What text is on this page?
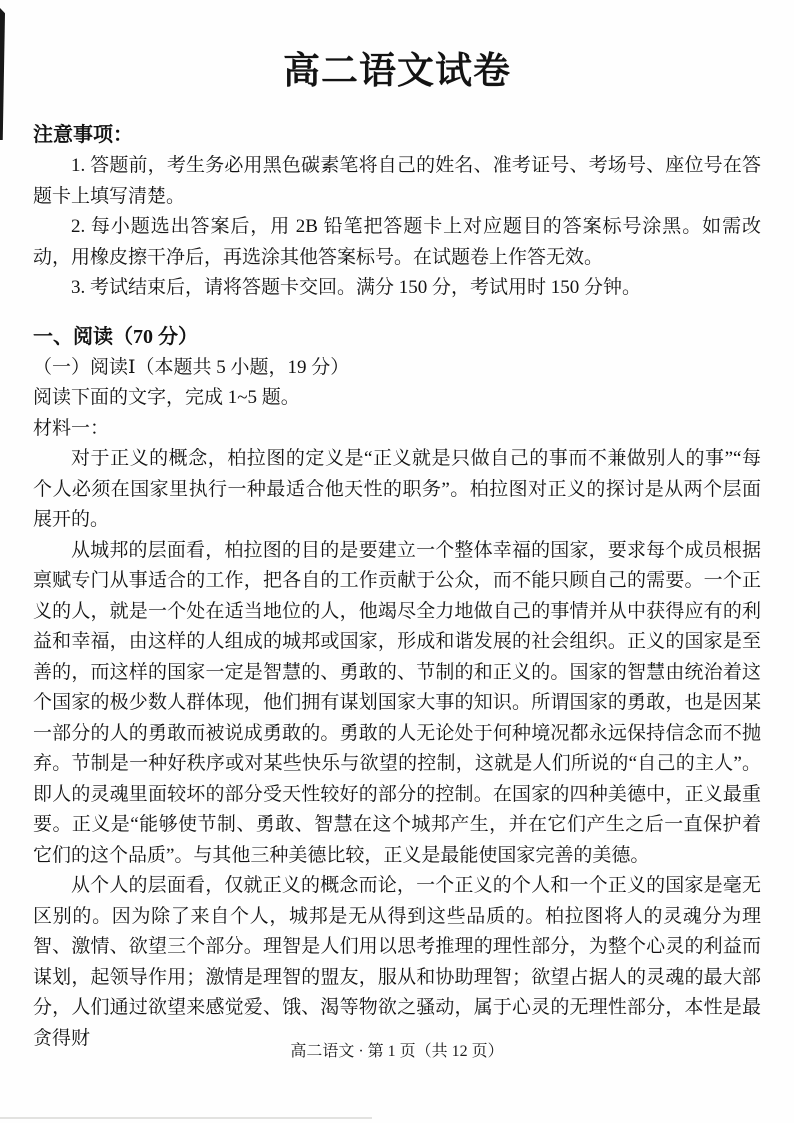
高二语文试卷
注意事项：
1. 答题前，考生务必用黑色碳素笔将自己的姓名、准考证号、考场号、座位号在答题卡上填写清楚。
2. 每小题选出答案后，用 2B 铅笔把答题卡上对应题目的答案标号涂黑。如需改动，用橡皮擦干净后，再选涂其他答案标号。在试题卷上作答无效。
3. 考试结束后，请将答题卡交回。满分 150 分，考试用时 150 分钟。
一、阅读（70 分）
（一）阅读Ⅰ（本题共 5 小题，19 分）
阅读下面的文字，完成 1~5 题。
材料一：
对于正义的概念，柏拉图的定义是“正义就是只做自己的事而不兼做别人的事”“每个人必须在国家里执行一种最适合他天性的职务”。柏拉图对正义的探讨是从两个层面展开的。
从城邦的层面看，柏拉图的目的是要建立一个整体幸福的国家，要求每个成员根据禀赋专门从事适合的工作，把各自的工作贡献于公众，而不能只顾自己的需要。一个正义的人，就是一个处在适当地位的人，他竭尽全力地做自己的事情并从中获得应有的利益和幸福，由这样的人组成的城邦或国家，形成和谐发展的社会组织。正义的国家是至善的，而这样的国家一定是智慧的、勇敢的、节制的和正义的。国家的智慧由统治着这个国家的极少数人群体现，他们拥有谋划国家大事的知识。所谓国家的勇敢，也是因某一部分的人的勇敢而被说成勇敢的。勇敢的人无论处于何种境况都永远保持信念而不抛弃。节制是一种好秩序或对某些快乐与欲望的控制，这就是人们所说的“自己的主人”。即人的灵魂里面较坏的部分受天性较好的部分的控制。在国家的四种美德中，正义最重要。正义是“能够使节制、勇敢、智慧在这个城邦产生，并在它们产生之后一直保护着它们的这个品质”。与其他三种美德比较，正义是最能使国家完善的美德。
从个人的层面看，仅就正义的概念而论，一个正义的个人和一个正义的国家是毫无区别的。因为除了来自个人，城邦是无从得到这些品质的。柏拉图将人的灵魂分为理智、激情、欲望三个部分。理智是人们用以思考推理的理性部分，为整个心灵的利益而谋划，起领导作用；激情是理智的盟友，服从和协助理智；欲望占据人的灵魂的最大部分，人们通过欲望来感觉爱、饿、渴等物欲之骚动，属于心灵的无理性部分，本性是最贪得财
高二语文 · 第 1 页（共 12 页）
